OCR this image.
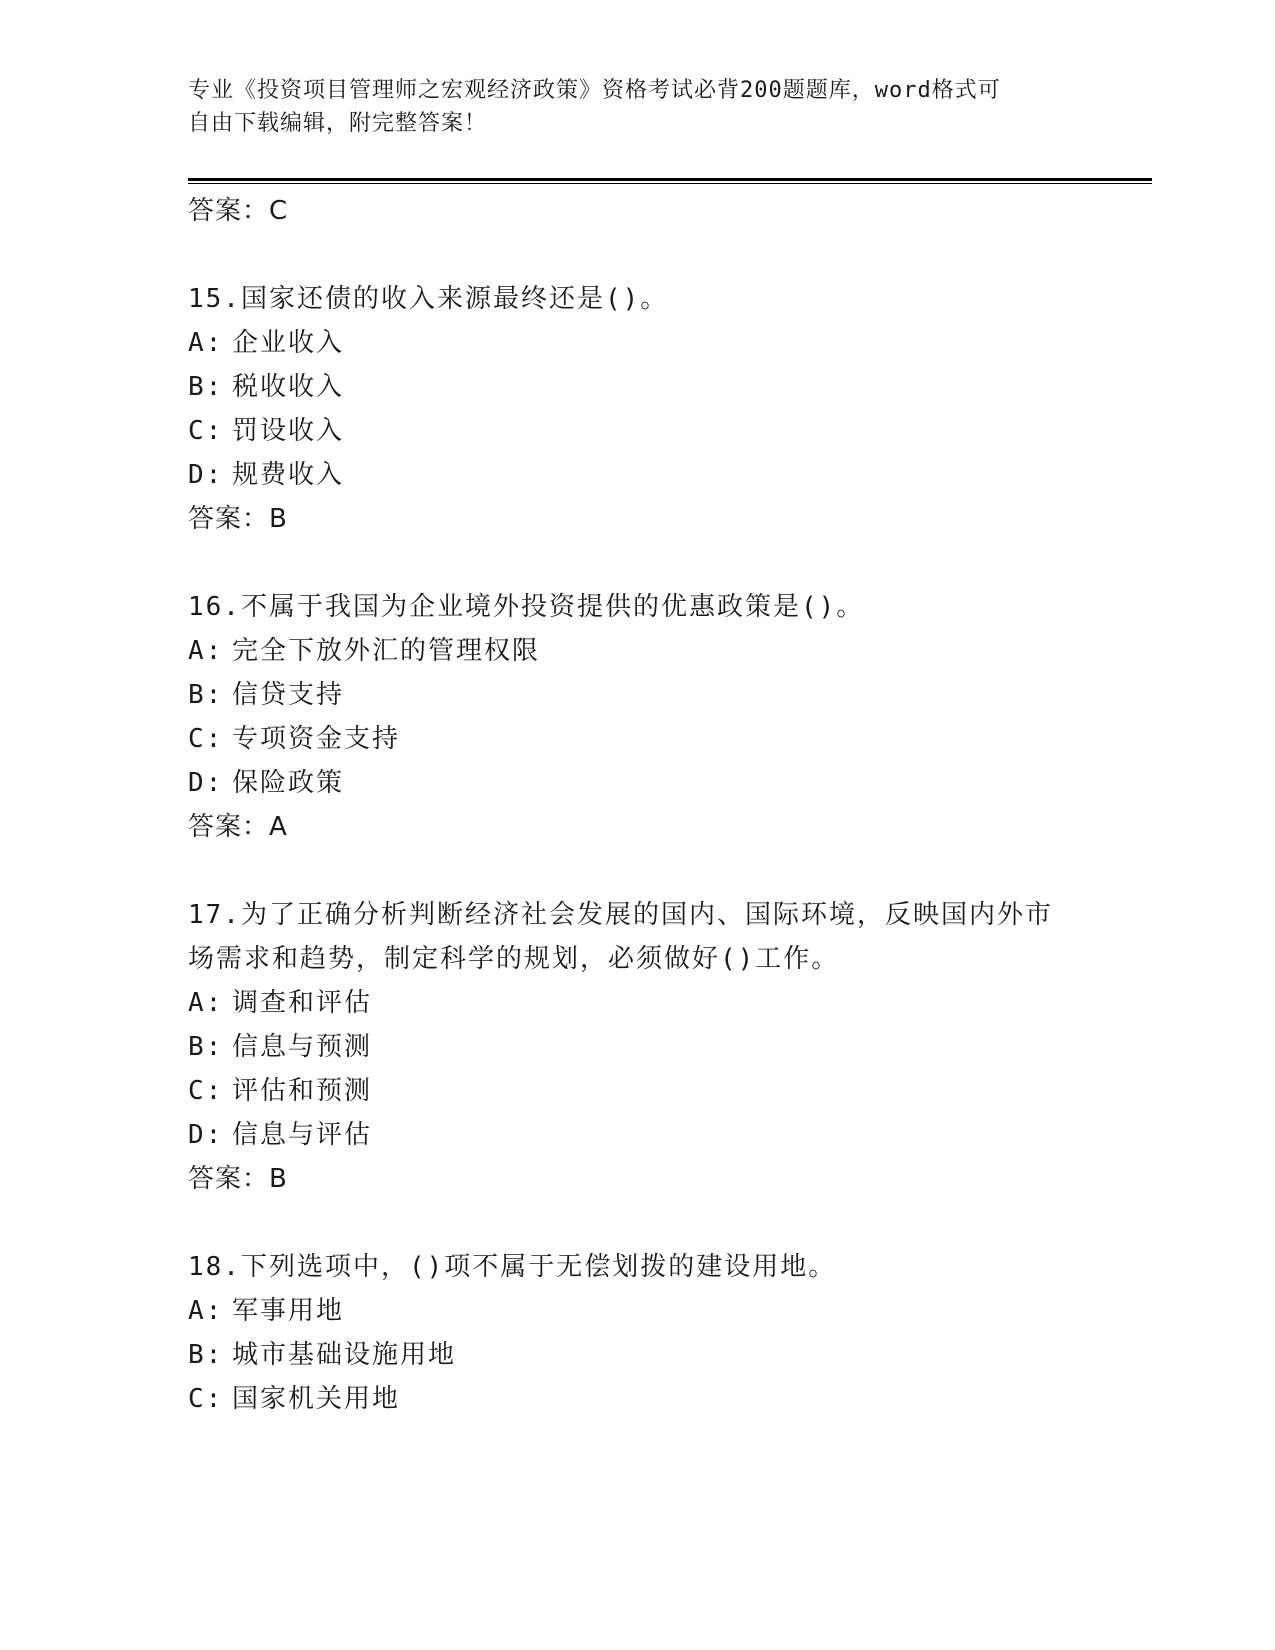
专业《投资项目管理师之宏观经济政策》资格考试必背200题题库，word格式可
自由下载编辑，附完整答案！
答案：C
15.国家还债的收入来源最终还是()。
A: 企业收入
B: 税收收入
C: 罚设收入
D: 规费收入
答案：B
16.不属于我国为企业境外投资提供的优惠政策是()。
A: 完全下放外汇的管理权限
B: 信贷支持
C: 专项资金支持
D: 保险政策
答案：A
17.为了正确分析判断经济社会发展的国内、国际环境，反映国内外市
场需求和趋势，制定科学的规划，必须做好()工作。
A: 调查和评估
B: 信息与预测
C: 评估和预测
D: 信息与评估
答案：B
18.下列选项中，()项不属于无偿划拨的建设用地。
A: 军事用地
B: 城市基础设施用地
C: 国家机关用地
